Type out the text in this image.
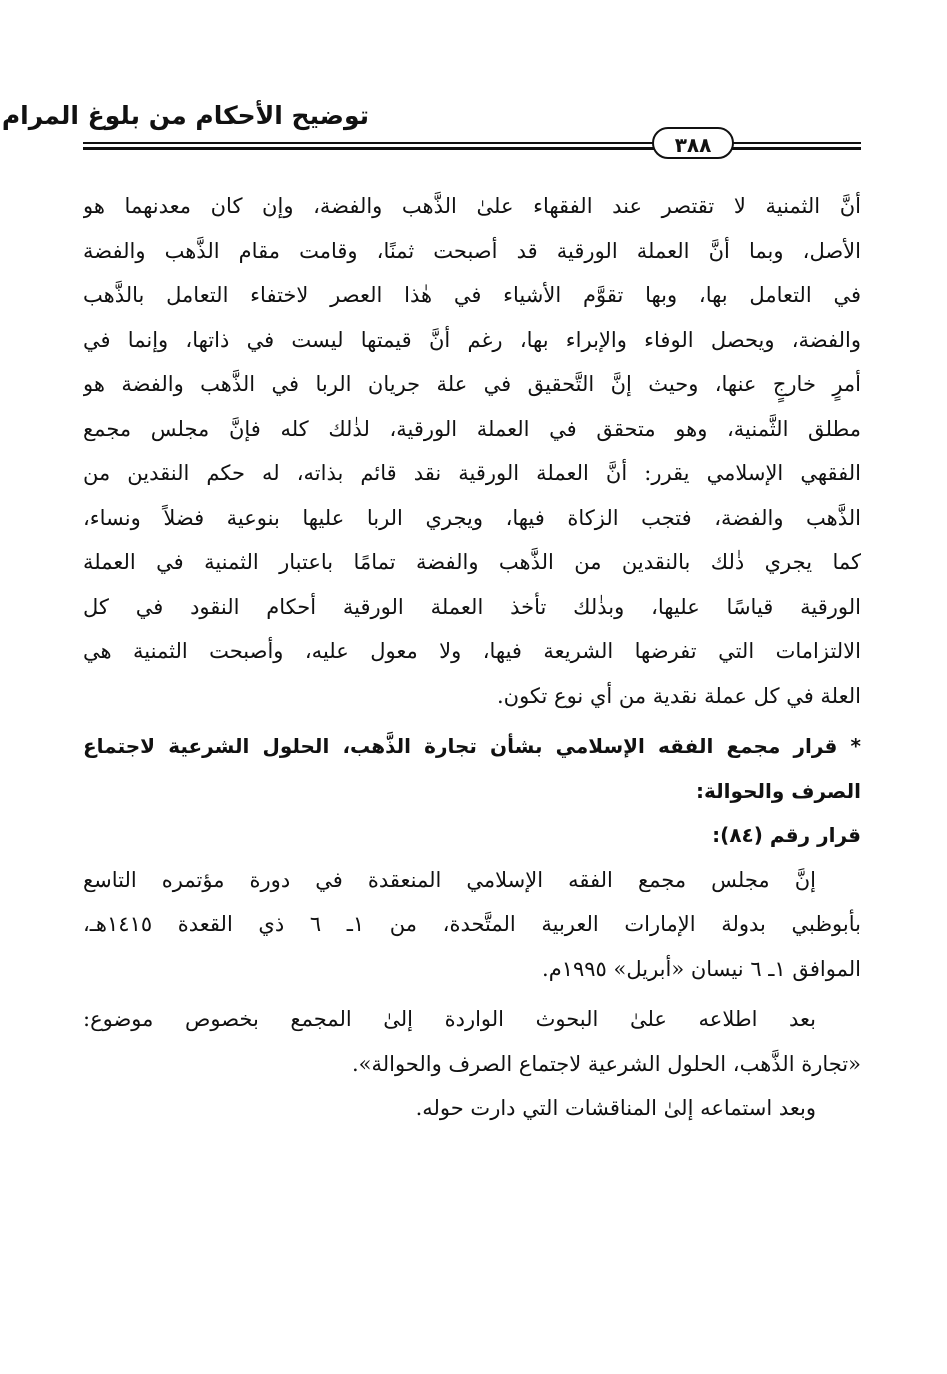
توضيح الأحكام من بلوغ المرام
٣٨٨
أنَّ الثمنية لا تقتصر عند الفقهاء علىٰ الذَّهب والفضة، وإن كان معدنهما هو
الأصل، وبما أنَّ العملة الورقية قد أصبحت ثمنًا، وقامت مقام الذَّهب والفضة
في التعامل بها، وبها تقوَّم الأشياء في هٰذا العصر لاختفاء التعامل بالذَّهب
والفضة، ويحصل الوفاء والإبراء بها، رغم أنَّ قيمتها ليست في ذاتها، وإنما في
أمرٍ خارجٍ عنها، وحيث إنَّ التَّحقيق في علة جريان الربا في الذَّهب والفضة هو
مطلق الثَّمنية، وهو متحقق في العملة الورقية، لذٰلك كله فإنَّ مجلس مجمع
الفقهي الإسلامي يقرر: أنَّ العملة الورقية نقد قائم بذاته، له حكم النقدين من
الذَّهب والفضة، فتجب الزكاة فيها، ويجري الربا عليها بنوعية فضلاً ونساء،
كما يجري ذٰلك بالنقدين من الذَّهب والفضة تمامًا باعتبار الثمنية في العملة
الورقية قياسًا عليها، وبذٰلك تأخذ العملة الورقية أحكام النقود في كل
الالتزامات التي تفرضها الشريعة فيها، ولا معول عليه، وأصبحت الثمنية هي
العلة في كل عملة نقدية من أي نوع تكون.
* قرار مجمع الفقه الإسلامي بشأن تجارة الذَّهب، الحلول الشرعية لاجتماع
الصرف والحوالة:
قرار رقم (٨٤):
إنَّ مجلس مجمع الفقه الإسلامي المنعقدة في دورة مؤتمره التاسع
بأبوظبي بدولة الإمارات العربية المتَّحدة، من ١ـ ٦ ذي القعدة ١٤١٥هـ،
الموافق ١ـ ٦ نيسان «أبريل» ١٩٩٥م.
بعد اطلاعه علىٰ البحوث الواردة إلىٰ المجمع بخصوص موضوع:
«تجارة الذَّهب، الحلول الشرعية لاجتماع الصرف والحوالة».
وبعد استماعه إلىٰ المناقشات التي دارت حوله.
